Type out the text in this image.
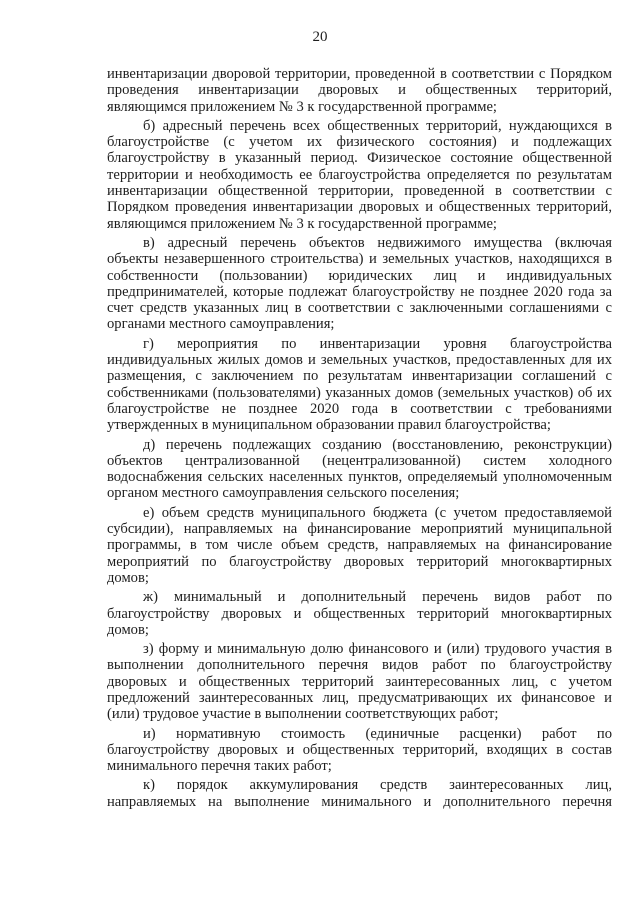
20

инвентаризации дворовой территории, проведенной в соответствии с Порядком проведения инвентаризации дворовых и общественных территорий, являющимся приложением № 3 к государственной программе;

б) адресный перечень всех общественных территорий, нуждающихся в благоустройстве (с учетом их физического состояния) и подлежащих благоустройству в указанный период. Физическое состояние общественной территории и необходимость ее благоустройства определяется по результатам инвентаризации общественной территории, проведенной в соответствии с Порядком проведения инвентаризации дворовых и общественных территорий, являющимся приложением № 3 к государственной программе;

в) адресный перечень объектов недвижимого имущества (включая объекты незавершенного строительства) и земельных участков, находящихся в собственности (пользовании) юридических лиц и индивидуальных предпринимателей, которые подлежат благоустройству не позднее 2020 года за счет средств указанных лиц в соответствии с заключенными соглашениями с органами местного самоуправления;

г) мероприятия по инвентаризации уровня благоустройства индивидуальных жилых домов и земельных участков, предоставленных для их размещения, с заключением по результатам инвентаризации соглашений с собственниками (пользователями) указанных домов (земельных участков) об их благоустройстве не позднее 2020 года в соответствии с требованиями утвержденных в муниципальном образовании правил благоустройства;

д) перечень подлежащих созданию (восстановлению, реконструкции) объектов централизованной (нецентрализованной) систем холодного водоснабжения сельских населенных пунктов, определяемый уполномоченным органом местного самоуправления сельского поселения;

е) объем средств муниципального бюджета (с учетом предоставляемой субсидии), направляемых на финансирование мероприятий муниципальной программы, в том числе объем средств, направляемых на финансирование мероприятий по благоустройству дворовых территорий многоквартирных домов;

ж) минимальный и дополнительный перечень видов работ по благоустройству дворовых и общественных территорий многоквартирных домов;

з) форму и минимальную долю финансового и (или) трудового участия в выполнении дополнительного перечня видов работ по благоустройству дворовых и общественных территорий заинтересованных лиц, с учетом предложений заинтересованных лиц, предусматривающих их финансовое и (или) трудовое участие в выполнении соответствующих работ;

и) нормативную стоимость (единичные расценки) работ по благоустройству дворовых и общественных территорий, входящих в состав минимального перечня таких работ;

к) порядок аккумулирования средств заинтересованных лиц, направляемых на выполнение минимального и дополнительного перечня
